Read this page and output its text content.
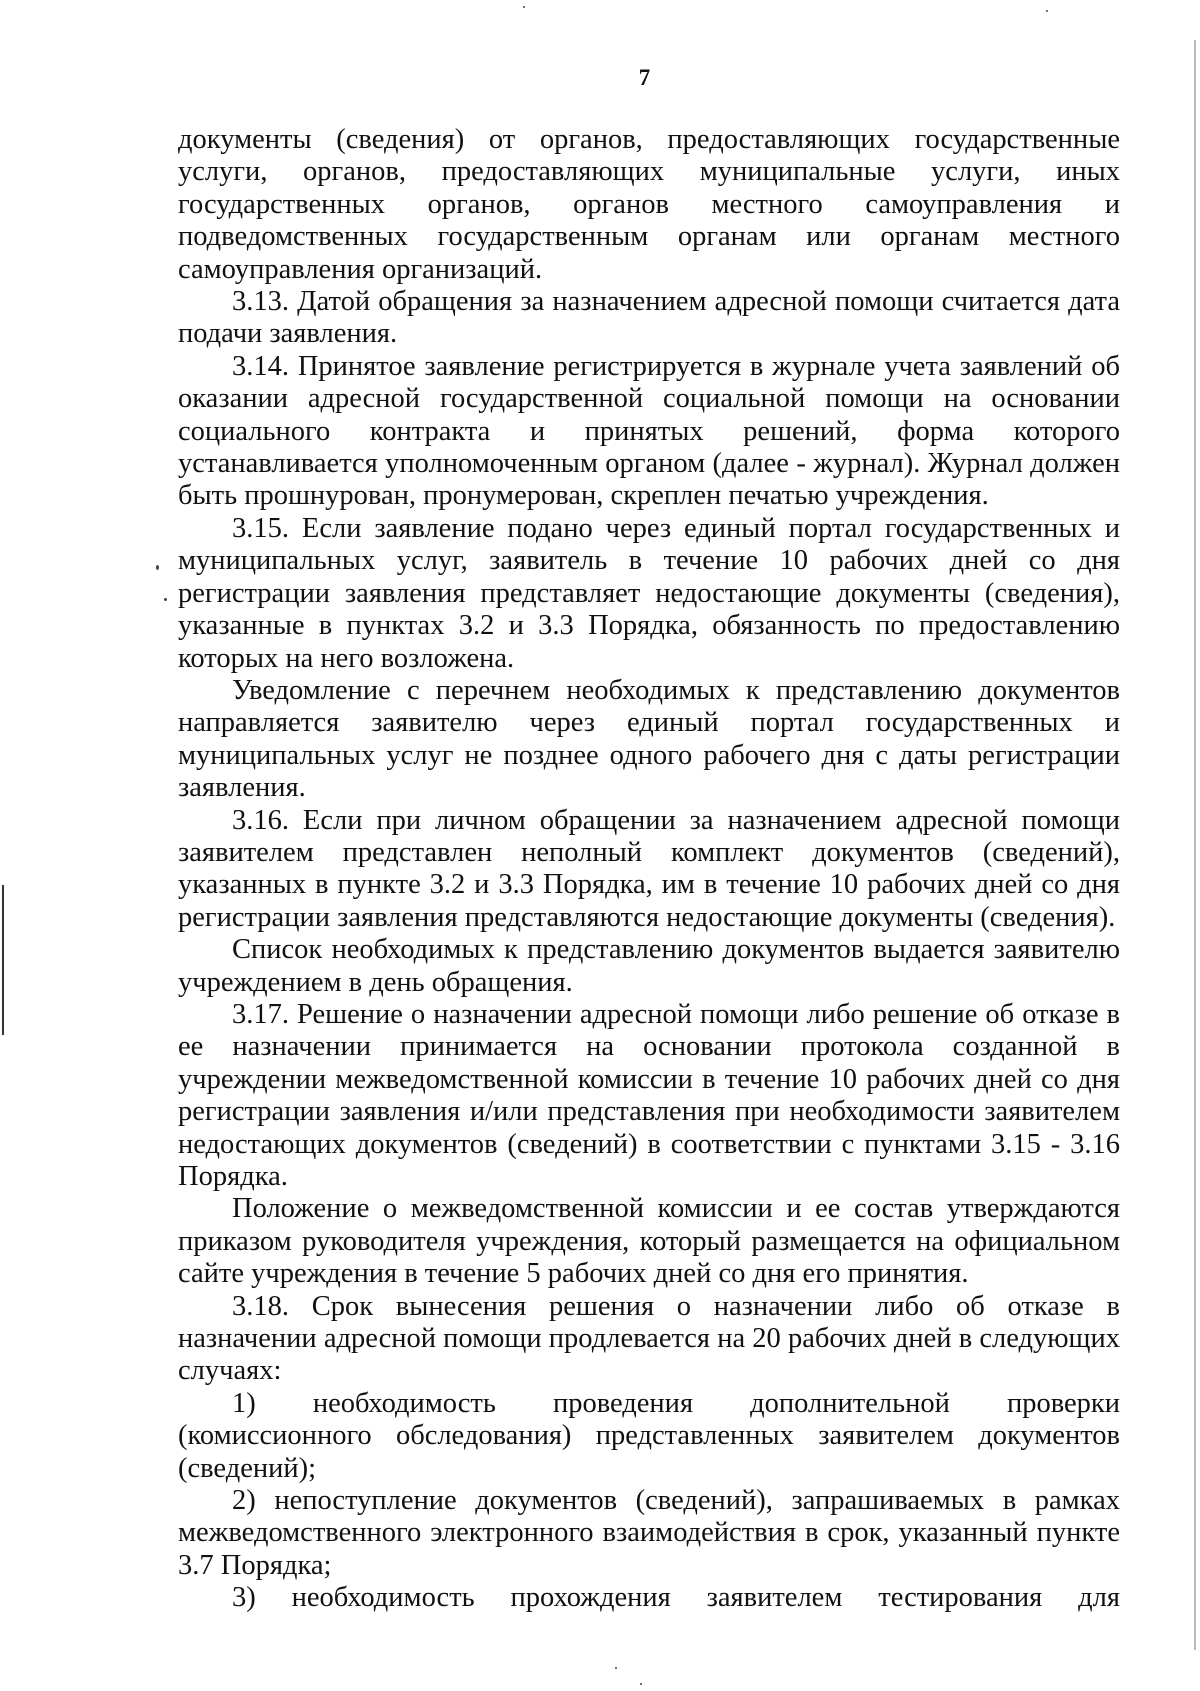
7

документы (сведения) от органов, предоставляющих государственные услуги, органов, предоставляющих муниципальные услуги, иных государственных органов, органов местного самоуправления и подведомственных государственным органам или органам местного самоуправления организаций.

3.13. Датой обращения за назначением адресной помощи считается дата подачи заявления.

3.14. Принятое заявление регистрируется в журнале учета заявлений об оказании адресной государственной социальной помощи на основании социального контракта и принятых решений, форма которого устанавливается уполномоченным органом (далее - журнал). Журнал должен быть прошнурован, пронумерован, скреплен печатью учреждения.

3.15. Если заявление подано через единый портал государственных и муниципальных услуг, заявитель в течение 10 рабочих дней со дня регистрации заявления представляет недостающие документы (сведения), указанные в пунктах 3.2 и 3.3 Порядка, обязанность по предоставлению которых на него возложена.

Уведомление с перечнем необходимых к представлению документов направляется заявителю через единый портал государственных и муниципальных услуг не позднее одного рабочего дня с даты регистрации заявления.

3.16. Если при личном обращении за назначением адресной помощи заявителем представлен неполный комплект документов (сведений), указанных в пункте 3.2 и 3.3 Порядка, им в течение 10 рабочих дней со дня регистрации заявления представляются недостающие документы (сведения).

Список необходимых к представлению документов выдается заявителю учреждением в день обращения.

3.17. Решение о назначении адресной помощи либо решение об отказе в ее назначении принимается на основании протокола созданной в учреждении межведомственной комиссии в течение 10 рабочих дней со дня регистрации заявления и/или представления при необходимости заявителем недостающих документов (сведений) в соответствии с пунктами 3.15 - 3.16 Порядка.

Положение о межведомственной комиссии и ее состав утверждаются приказом руководителя учреждения, который размещается на официальном сайте учреждения в течение 5 рабочих дней со дня его принятия.

3.18. Срок вынесения решения о назначении либо об отказе в назначении адресной помощи продлевается на 20 рабочих дней в следующих случаях:

1) необходимость проведения дополнительной проверки (комиссионного обследования) представленных заявителем документов (сведений);

2) непоступление документов (сведений), запрашиваемых в рамках межведомственного электронного взаимодействия в срок, указанный пункте 3.7 Порядка;

3) необходимость прохождения заявителем тестирования для
